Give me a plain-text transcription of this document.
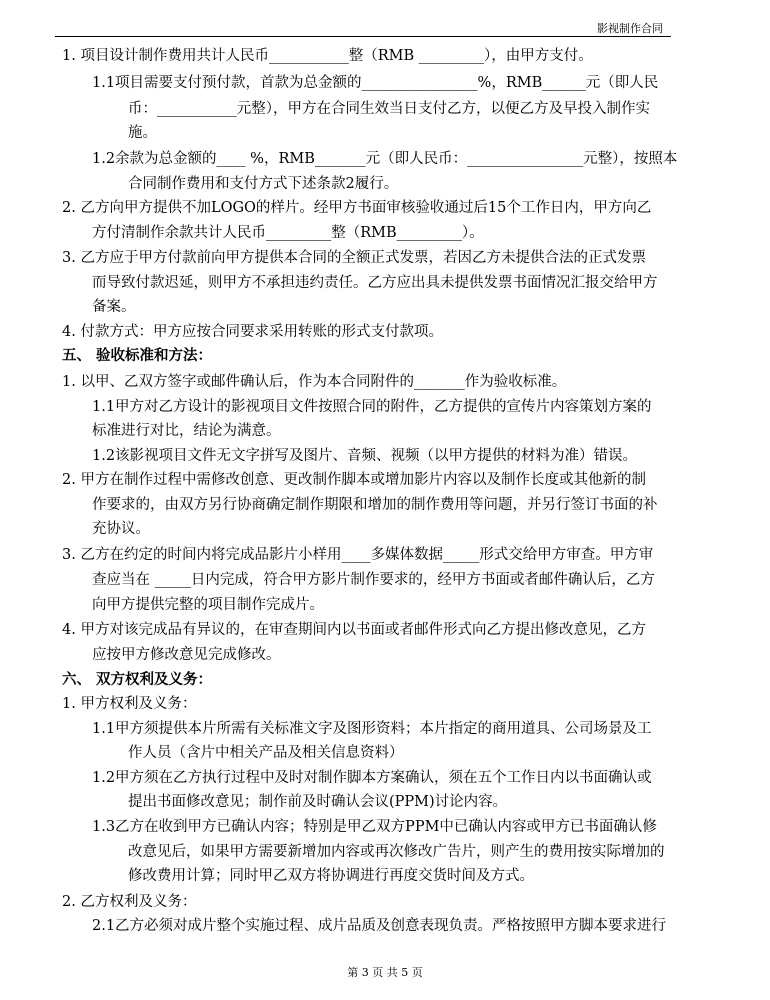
影视制作合同
1. 项目设计制作费用共计人民币___________整（RMB _________），由甲方支付。
1.1项目需要支付预付款，首款为总金额的________________%，RMB______元（即人民
币：___________元整），甲方在合同生效当日支付乙方，以便乙方及早投入制作实
施。
1.2余款为总金额的____ %，RMB_______元（即人民币：________________元整），按照本
合同制作费用和支付方式下述条款2履行。
2. 乙方向甲方提供不加LOGO的样片。经甲方书面审核验收通过后15个工作日内，甲方向乙
方付清制作余款共计人民币_________整（RMB_________）。
3. 乙方应于甲方付款前向甲方提供本合同的全额正式发票，若因乙方未提供合法的正式发票
而导致付款迟延，则甲方不承担违约责任。乙方应出具未提供发票书面情况汇报交给甲方
备案。
4. 付款方式：甲方应按合同要求采用转账的形式支付款项。
五、 验收标准和方法：
1. 以甲、乙双方签字或邮件确认后，作为本合同附件的_______作为验收标准。
1.1甲方对乙方设计的影视项目文件按照合同的附件，乙方提供的宣传片内容策划方案的
标准进行对比，结论为满意。
1.2该影视项目文件无文字拼写及图片、音频、视频（以甲方提供的材料为准）错误。
2. 甲方在制作过程中需修改创意、更改制作脚本或增加影片内容以及制作长度或其他新的制
作要求的，由双方另行协商确定制作期限和增加的制作费用等问题，并另行签订书面的补
充协议。
3. 乙方在约定的时间内将完成品影片小样用____多媒体数据_____形式交给甲方审查。甲方审
查应当在 _____日内完成，符合甲方影片制作要求的，经甲方书面或者邮件确认后，乙方
向甲方提供完整的项目制作完成片。
4. 甲方对该完成品有异议的，在审查期间内以书面或者邮件形式向乙方提出修改意见，乙方
应按甲方修改意见完成修改。
六、 双方权利及义务：
1. 甲方权利及义务：
1.1甲方须提供本片所需有关标准文字及图形资料；本片指定的商用道具、公司场景及工
作人员（含片中相关产品及相关信息资料）
1.2甲方须在乙方执行过程中及时对制作脚本方案确认，须在五个工作日内以书面确认或
提出书面修改意见；制作前及时确认会议(PPM)讨论内容。
1.3乙方在收到甲方已确认内容；特别是甲乙双方PPM中已确认内容或甲方已书面确认修
改意见后，如果甲方需要新增加内容或再次修改广告片，则产生的费用按实际增加的
修改费用计算；同时甲乙双方将协调进行再度交货时间及方式。
2. 乙方权利及义务：
2.1乙方必须对成片整个实施过程、成片品质及创意表现负责。严格按照甲方脚本要求进行
第 3 页 共 5 页
